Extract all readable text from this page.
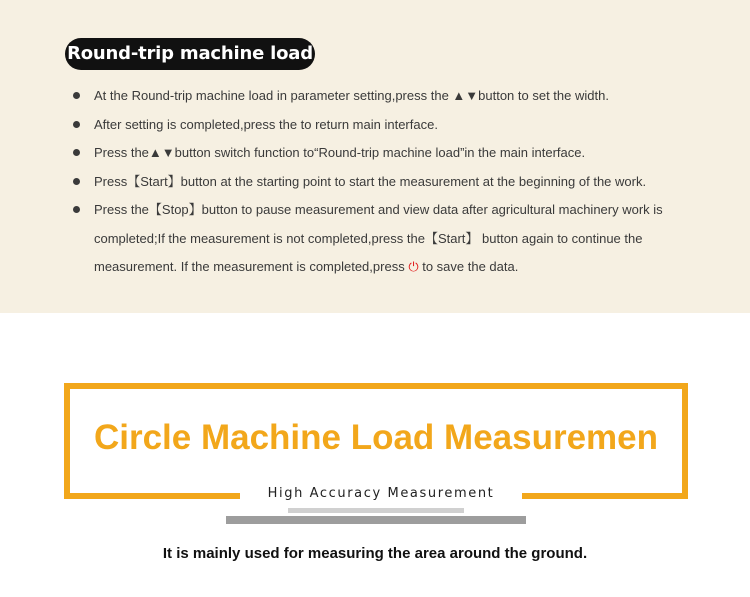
Round-trip machine load
At the Round-trip machine load in parameter setting,press the ▲▼button to set the width.
After setting is completed,press the to return main interface.
Press the▲▼button switch function to“Round-trip machine load”in the main interface.
Press【Start】button at the starting point to start the measurement at the beginning of the work.
Press the【Stop】button to pause measurement and view data after agricultural machinery work is completed;If the measurement is not completed,press the【Start】 button again to continue the measurement. If the measurement is completed,press ⏻ to save the data.
Circle Machine Load Measuremen
High Accuracy Measurement
It is mainly used for measuring the area around the ground.
